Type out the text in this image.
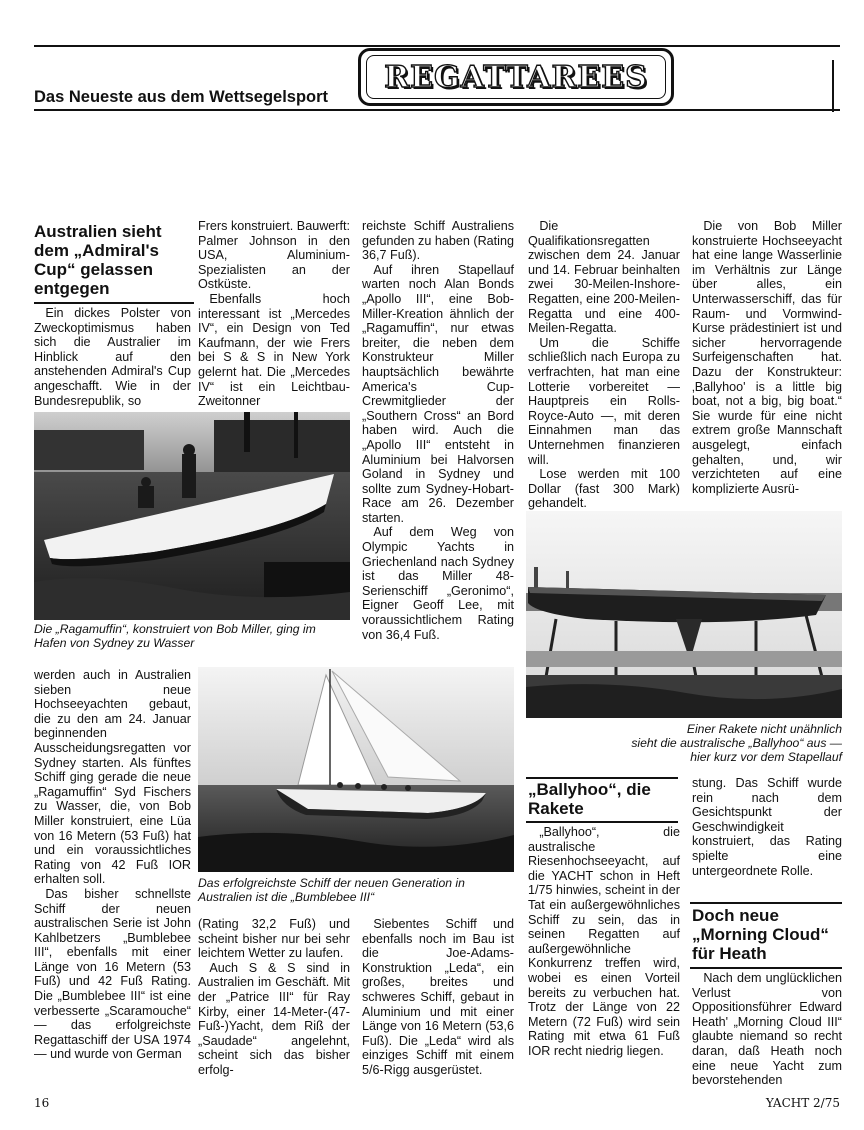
REGATTAREES
Das Neueste aus dem Wettsegelsport
Australien sieht dem „Admiral's Cup“ gelassen entgegen

Ein dickes Polster von Zweckoptimismus haben sich die Australier im Hinblick auf den anstehenden Admiral's Cup angeschafft. Wie in der Bundesrepublik, so

Frers konstruiert. Bauwerft: Palmer Johnson in den USA, Aluminium-Spezialisten an der Ostküste.

Ebenfalls hoch interessant ist „Mercedes IV“, ein Design von Ted Kaufmann, der wie Frers bei S & S in New York gelernt hat. Die „Mercedes IV“ ist ein Leichtbau-Zweitonner

reichste Schiff Australiens gefunden zu haben (Rating 36,7 Fuß).

Auf ihren Stapellauf warten noch Alan Bonds „Apollo III“, eine Bob-Miller-Kreation ähnlich der „Ragamuffin“, nur etwas breiter, die neben dem Konstrukteur Miller hauptsächlich bewährte America's Cup-Crewmitglieder der „Southern Cross“ an Bord haben wird. Auch die „Apollo III“ entsteht in Aluminium bei Halvorsen Goland in Sydney und sollte zum Sydney-Hobart-Race am 26. Dezember starten.

Auf dem Weg von Olympic Yachts in Griechenland nach Sydney ist das Miller 48-Serienschiff „Geronimo“, Eigner Geoff Lee, mit voraussichtlichem Rating von 36,4 Fuß.

Die Qualifikationsregatten zwischen dem 24. Januar und 14. Februar beinhalten zwei 30-Meilen-Inshore-Regatten, eine 200-Meilen-Regatta und eine 400-Meilen-Regatta.

Um die Schiffe schließlich nach Europa zu verfrachten, hat man eine Lotterie vorbereitet — Hauptpreis ein Rolls-Royce-Auto —, mit deren Einnahmen man das Unternehmen finanzieren will.

Lose werden mit 100 Dollar (fast 300 Mark) gehandelt.

Die von Bob Miller konstruierte Hochseeyacht hat eine lange Wasserlinie im Verhältnis zur Länge über alles, ein Unterwasserschiff, das für Raum- und Vormwind-Kurse prädestiniert ist und sicher hervorragende Surfeigenschaften hat. Dazu der Konstrukteur: ‚Ballyhoo' is a little big boat, not a big, big boat.“ Sie wurde für eine nicht extrem große Mannschaft ausgelegt, einfach gehalten, und, wir verzichteten auf eine komplizierte Ausrü-

Die „Ragamuffin“, konstruiert von Bob Miller, ging im Hafen von Sydney zu Wasser

werden auch in Australien sieben neue Hochseeyachten gebaut, die zu den am 24. Januar beginnenden Ausscheidungsregatten vor Sydney starten. Als fünftes Schiff ging gerade die neue „Ragamuffin“ Syd Fischers zu Wasser, die, von Bob Miller konstruiert, eine Lüa von 16 Metern (53 Fuß) hat und ein voraussichtliches Rating von 42 Fuß IOR erhalten soll.

Das bisher schnellste Schiff der neuen australischen Serie ist John Kahlbetzers „Bumblebee III“, ebenfalls mit einer Länge von 16 Metern (53 Fuß) und 42 Fuß Rating. Die „Bumblebee III“ ist eine verbesserte „Scaramouche“ — das erfolgreichste Regattaschiff der USA 1974 — und wurde von German

Das erfolgreichste Schiff der neuen Generation in Australien ist die „Bumblebee III“

(Rating 32,2 Fuß) und scheint bisher nur bei sehr leichtem Wetter zu laufen.

Auch S & S sind in Australien im Geschäft. Mit der „Patrice III“ für Ray Kirby, einer 14-Meter-(47-Fuß-)Yacht, dem Riß der „Saudade“ angelehnt, scheint sich das bisher erfolg-

Siebentes Schiff und ebenfalls noch im Bau ist die Joe-Adams-Konstruktion „Leda“, ein großes, breites und schweres Schiff, gebaut in Aluminium und mit einer Länge von 16 Metern (53,6 Fuß). Die „Leda“ wird als einziges Schiff mit einem 5/6-Rigg ausgerüstet.

Einer Rakete nicht unähnlich

sieht die australische „Ballyhoo“ aus —

hier kurz vor dem Stapellauf

„Ballyhoo“, die Rakete

„Ballyhoo“, die australische Riesenhochseeyacht, auf die YACHT schon in Heft 1/75 hinwies, scheint in der Tat ein außergewöhnliches Schiff zu sein, das in seinen Regatten auf außergewöhnliche Konkurrenz treffen wird, wobei es einen Vorteil bereits zu verbuchen hat. Trotz der Länge von 22 Metern (72 Fuß) wird sein Rating mit etwa 61 Fuß IOR recht niedrig liegen.

stung. Das Schiff wurde rein nach dem Gesichtspunkt der Geschwindigkeit konstruiert, das Rating spielte eine untergeordnete Rolle.

Doch neue „Morning Cloud“ für Heath

Nach dem unglücklichen Verlust von Oppositionsführer Edward Heath' „Morning Cloud III“ glaubte niemand so recht daran, daß Heath noch eine neue Yacht zum bevorstehenden

16	YACHT 2/75
